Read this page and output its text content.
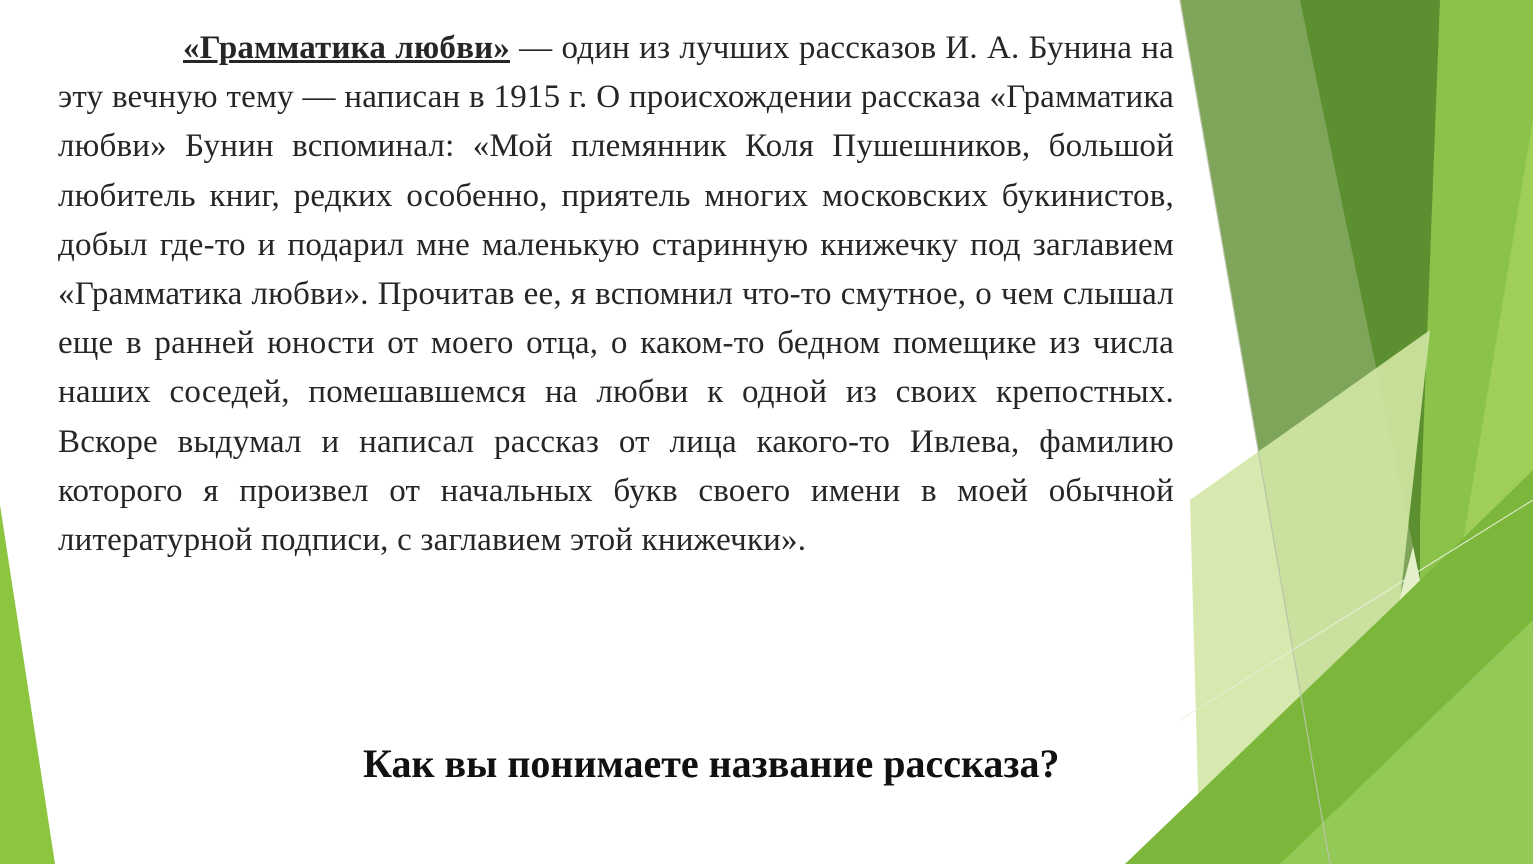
«Грамматика любви» — один из лучших рассказов И. А. Бунина на эту вечную тему — написан в 1915 г. О происхождении рассказа «Грамматика любви» Бунин вспоминал: «Мой племянник Коля Пушешников, большой любитель книг, редких особенно, приятель многих московских букинистов, добыл где-то и подарил мне маленькую старинную книжечку под заглавием «Грамматика любви». Прочитав ее, я вспомнил что-то смутное, о чем слышал еще в ранней юности от моего отца, о каком-то бедном помещике из числа наших соседей, помешавшемся на любви к одной из своих крепостных. Вскоре выдумал и написал рассказ от лица какого-то Ивлева, фамилию которого я произвел от начальных букв своего имени в моей обычной литературной подписи, с заглавием этой книжечки».

Как вы понимаете название рассказа?
